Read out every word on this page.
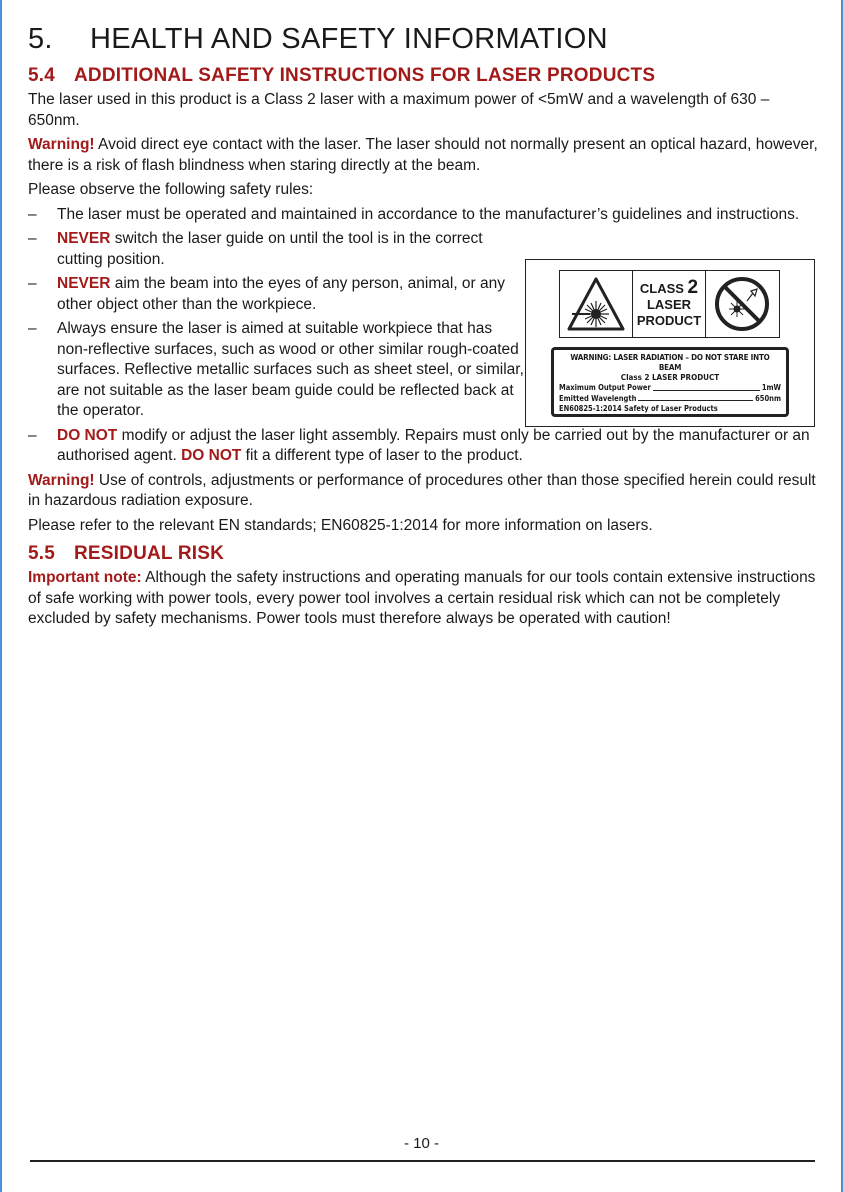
5. HEALTH AND SAFETY INFORMATION
5.4 ADDITIONAL SAFETY INSTRUCTIONS FOR LASER PRODUCTS

The laser used in this product is a Class 2 laser with a maximum power of <5mW and a wavelength of 630 – 650nm.

Warning! Avoid direct eye contact with the laser. The laser should not normally present an optical hazard, however, there is a risk of flash blindness when staring directly at the beam.

Please observe the following safety rules:

– The laser must be operated and maintained in accordance to the manufacturer’s guidelines and instructions.
– NEVER switch the laser guide on until the tool is in the correct cutting position.
– NEVER aim the beam into the eyes of any person, animal, or any other object other than the workpiece.
– Always ensure the laser is aimed at suitable workpiece that has non-reflective surfaces, such as wood or other similar rough-coated surfaces. Reflective metallic surfaces such as sheet steel, or similar, are not suitable as the laser beam guide could be reflected back at the operator.
– DO NOT modify or adjust the laser light assembly. Repairs must only be carried out by the manufacturer or an authorised agent. DO NOT fit a different type of laser to the product.

Warning! Use of controls, adjustments or performance of procedures other than those specified herein could result in hazardous radiation exposure.

Please refer to the relevant EN standards; EN60825-1:2014 for more information on lasers.

5.5 RESIDUAL RISK

Important note: Although the safety instructions and operating manuals for our tools contain extensive instructions of safe working with power tools, every power tool involves a certain residual risk which can not be completely excluded by safety mechanisms. Power tools must therefore always be operated with caution!

CLASS 2
LASER
PRODUCT
WARNING: LASER RADIATION – DO NOT STARE INTO BEAM
Class 2 LASER PRODUCT
Maximum Output Power	1mW
Emitted Wavelength	650nm
EN60825-1:2014 Safety of Laser Products
- 10 -
